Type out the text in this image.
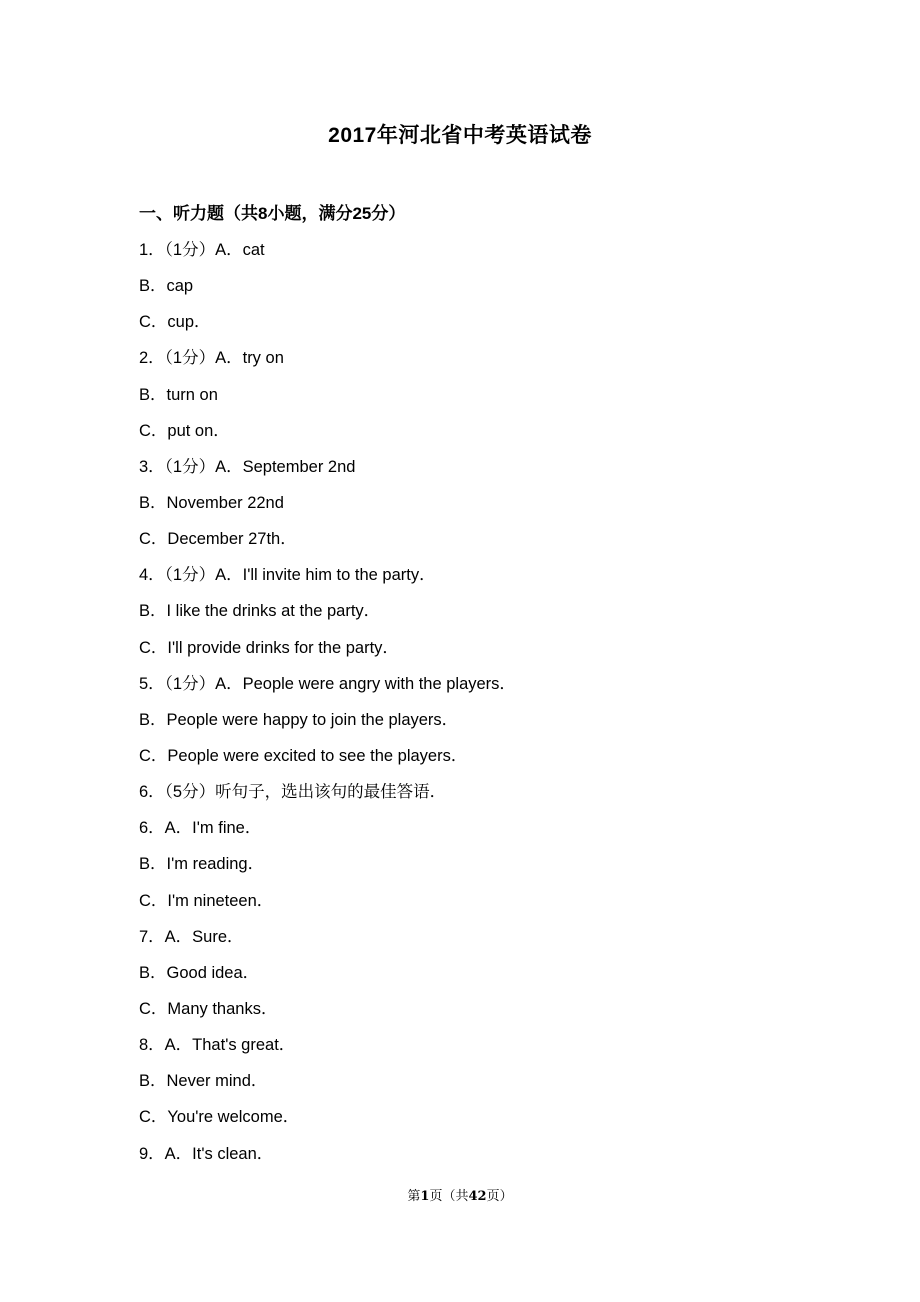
2017年河北省中考英语试卷
一、听力题（共8小题，满分25分）
1．（1分）A．cat
B．cap
C．cup．
2．（1分）A．try on
B．turn on
C．put on．
3．（1分）A．September 2nd
B．November 22nd
C．December 27th．
4．（1分）A．I'll invite him to the party．
B．I like the drinks at the party．
C．I'll provide drinks for the party．
5．（1分）A．People were angry with the players．
B．People were happy to join the players．
C．People were excited to see the players．
6．（5分）听句子，选出该句的最佳答语．
6．A．I'm fine．
B．I'm reading．
C．I'm nineteen．
7．A．Sure．
B．Good idea．
C．Many thanks．
8．A．That's great．
B．Never mind．
C．You're welcome．
9．A．It's clean．
第1页（共42页）
